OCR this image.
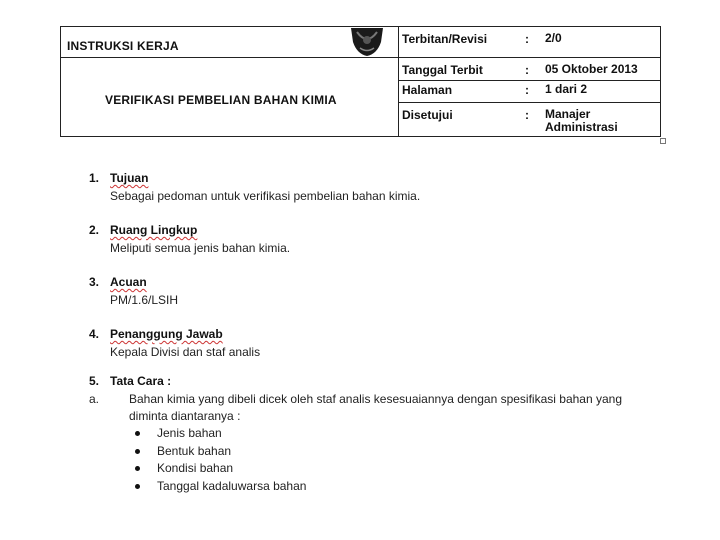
INSTRUKSI KERJA
VERIFIKASI PEMBELIAN BAHAN KIMIA
Terbitan/Revisi	: 2/0
Tanggal Terbit	: 05 Oktober 2013
Halaman	: 1 dari 2
Disetujui	: Manajer Administrasi
1. Tujuan
Sebagai pedoman untuk verifikasi pembelian bahan kimia.
2. Ruang Lingkup
Meliputi semua jenis bahan kimia.
3. Acuan
PM/1.6/LSIH
4. Penanggung Jawab
Kepala Divisi dan staf analis
5. Tata Cara :
a. Bahan kimia yang dibeli dicek oleh staf analis kesesuaiannya dengan spesifikasi bahan yang diminta diantaranya :
Jenis bahan
Bentuk bahan
Kondisi bahan
Tanggal kadaluwarsa bahan
